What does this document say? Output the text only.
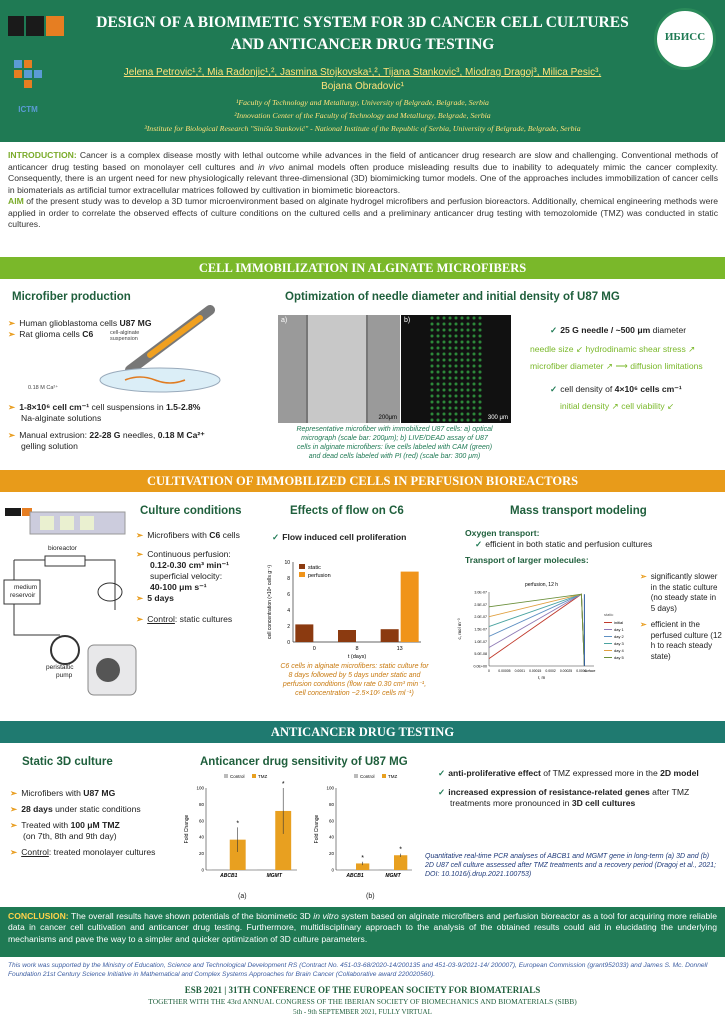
ICTM
ИБИСС
DESIGN OF A BIOMIMETIC SYSTEM FOR 3D CANCER CELL CULTURES
AND ANTICANCER DRUG TESTING
Jelena Petrovic¹,², Mia Radonjic¹,², Jasmina Stojkovska¹,², Tijana Stankovic³, Miodrag Dragoj³, Milica Pesic³,
Bojana Obradovic¹
¹Faculty of Technology and Metallurgy, University of Belgrade, Belgrade, Serbia
²Innovation Center of the Faculty of Technology and Metallurgy, Belgrade, Serbia
³Institute for Biological Research "Siniša Stanković" - National Institute of the Republic of Serbia, University of Belgrade, Belgrade, Serbia

INTRODUCTION: Cancer is a complex disease mostly with lethal outcome while advances in the field of anticancer drug research are slow and challenging. Conventional methods of anticancer drug testing based on monolayer cell cultures and in vivo animal models often produce misleading results due to inability to adequately mimic the cancer complexity. Consequently, there is an urgent need for new physiologically relevant three-dimensional (3D) biomimicking tumor models. One of the approaches includes immobilization of cancer cells in biomaterials as artificial tumor extracellular matrices followed by cultivation in biomimetic bioreactors.

AIM of the present study was to develop a 3D tumor microenvironment based on alginate hydrogel microfibers and perfusion bioreactors. Additionally, chemical engineering methods were applied in order to correlate the observed effects of culture conditions on the cultured cells and a preliminary anticancer drug testing with temozolomide (TMZ) was conducted in static cultures.

CELL IMMOBILIZATION IN ALGINATE MICROFIBERS
Microfiber production
➢ Human glioblastoma cells U87 MG
➢ Rat glioma cells C6	cell-alginate suspension
0.18 M Ca²⁺
➢ 1-8×10⁶ cell cm⁻¹ cell suspensions in 1.5-2.8%
Na-alginate solutions
➢ Manual extrusion: 22-28 G needles, 0.18 M Ca²⁺
gelling solution
Optimization of needle diameter and initial density of U87 MG
a)
200μm
b)
300 μm
Representative microfiber with immobilized U87 cells: a) optical
micrograph (scale bar: 200μm); b) LIVE/DEAD assay of U87
cells in alginate microfibers: live cells labeled with CAM (green)
and dead cells labeled with PI (red) (scale bar: 300 μm)
✓ 25 G needle / ~500 μm diameter
needle size ↙ hydrodinamic shear stress ↗
microfiber diameter ↗ ⟶ diffusion limitations
✓ cell density of 4×10⁶ cells cm⁻¹
initial density ↗ cell viability ↙
CULTIVATION OF IMMOBILIZED CELLS IN PERFUSION BIOREACTORS
bioreactor
medium
reservoir
peristaltic
pump
Culture conditions
➢ Microfibers with C6 cells
➢ Continuous perfusion:
0.12-0.30 cm³ min⁻¹
superficial velocity:
40-100 μm s⁻¹
➢ 5 days
➢ Control: static cultures
Effects of flow on C6
✓ Flow induced cell proliferation
0
2
4
6
8
10
cell concentration (×10⁶ cells g⁻¹)
t (days)
0	8	13
static
perfusion
C6 cells in alginate microfibers: static culture for
8 days followed by 5 days under static and
perfusion conditions (flow rate 0.30 cm³ min⁻¹,
cell concentration ~2.5×10⁶ cells ml⁻¹)
Mass transport modeling
Oxygen transport:
✓ efficient in both static and perfusion cultures
Transport of larger molecules:
perfusion, 12 h
0.0E+00
5.0E-08
1.0E-07
1.5E-07
2.0E-07
2.5E-07
3.0E-07
0 0.00005 0.0001 0.00015 0.0002 0.00025 0.0003
surface
r, m
c, mol m⁻³
static
initial
day 1
day 2
day 3
day 4
day 5
➢ significantly slower in the static culture (no steady state in 5 days)
➢ efficient in the perfused culture (12 h to reach steady state)
ANTICANCER DRUG TESTING
Static 3D culture
➢ Microfibers with U87 MG
➢ 28 days under static conditions
➢ Treated with 100 μM TMZ
(on 7th, 8th and 9th day)
➢ Control: treated monolayer cultures
Anticancer drug sensitivity of U87 MG
0
20
40
60
80
100
Fold Change
Control	TMZ
ABCB1
*
MGMT
*
0
20
40
60
80
100
Fold Change
Control	TMZ
ABCB1
*
MGMT
*
(a)	(b)
✓ anti-proliferative effect of TMZ expressed more in the 2D model
✓ increased expression of resistance-related genes after TMZ treatments more pronounced in 3D cell cultures
Quantitative real-time PCR analyses of ABCB1 and MGMT gene in long-term (a) 3D and (b) 2D U87 cell culture assessed after TMZ treatments and a recovery period (Dragoj et al., 2021; DOI: 10.1016/j.drup.2021.100753)
CONCLUSION: The overall results have shown potentials of the biomimetic 3D in vitro system based on alginate microfibers and perfusion bioreactor as a tool for acquiring more reliable data in cancer cell cultivation and anticancer drug testing. Furthermore, multidisciplinary approach to the analysis of the obtained results could aid in elucidating the underlying mechanisms and pave the way to a simpler and quicker optimization of 3D culture parameters.
This work was supported by the Ministry of Education, Science and Technological Development RS (Contract No. 451-03-68/2020-14/200135 and 451-03-9/2021-14/ 200007), European Commission (grant952033) and James S. Mc. Donnell Foundation 21st Century Science Initiative in Mathematical and Complex Systems Approaches for Brain Cancer (Collaborative award 220020560).
ESB 2021 | 31TH CONFERENCE OF THE EUROPEAN SOCIETY FOR BIOMATERIALS
TOGETHER WITH THE 43rd ANNUAL CONGRESS OF THE IBERIAN SOCIETY OF BIOMECHANICS AND BIOMATERIALS (SIBB)
5th - 9th SEPTEMBER 2021, FULLY VIRTUAL
